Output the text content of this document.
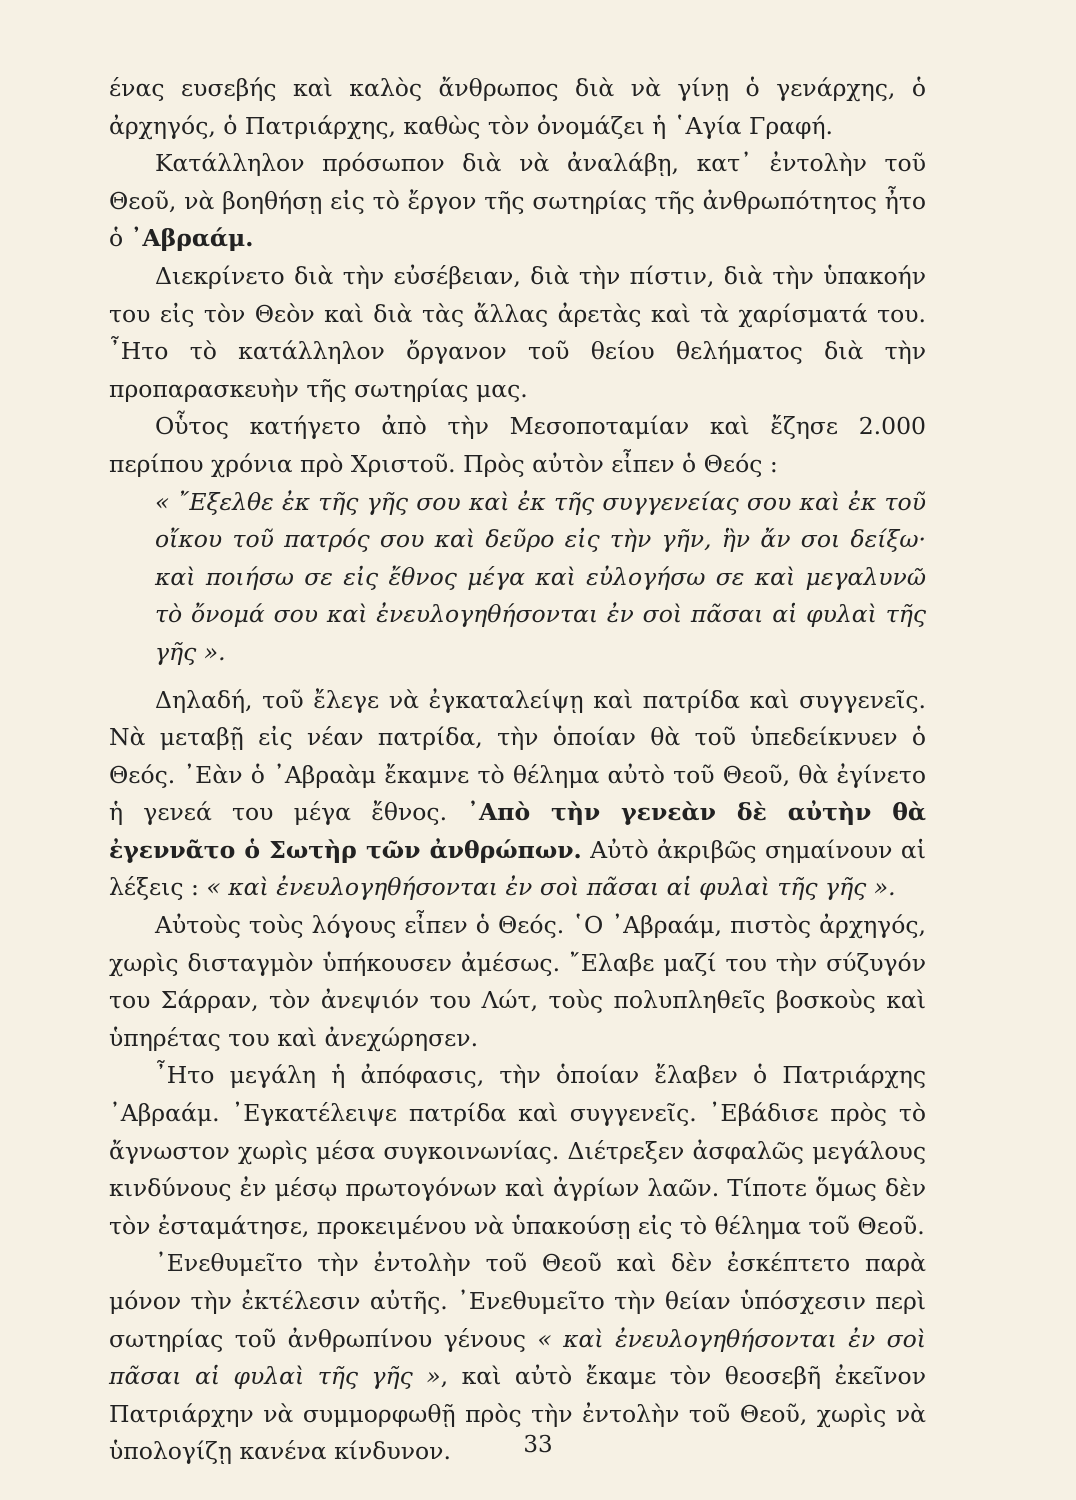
ένας ευσεβής καὶ καλὸς ἄνθρωπος διὰ νὰ γίνῃ ὁ γενάρχης, ὁ ἀρχηγός, ὁ Πατριάρχης, καθὼς τὸν ὀνομάζει ἡ ῾Αγία Γραφή.

Κατάλληλον πρόσωπον διὰ νὰ ἀναλάβῃ, κατ᾽ ἐντολὴν τοῦ Θεοῦ, νὰ βοηθήσῃ εἰς τὸ ἔργον τῆς σωτηρίας τῆς ἀνθρωπότητος ἦτο ὁ ᾽Αβραάμ.

Διεκρίνετο διὰ τὴν εὐσέβειαν, διὰ τὴν πίστιν, διὰ τὴν ὑπακοήν του εἰς τὸν Θεὸν καὶ διὰ τὰς ἄλλας ἀρετὰς καὶ τὰ χαρίσματά του. ῏Ητο τὸ κατάλληλον ὄργανον τοῦ θείου θελήματος διὰ τὴν προπαρασκευὴν τῆς σωτηρίας μας.

Οὗτος κατήγετο ἀπὸ τὴν Μεσοποταμίαν καὶ ἔζησε 2.000 περίπου χρόνια πρὸ Χριστοῦ. Πρὸς αὐτὸν εἶπεν ὁ Θεός :

« ῎Εξελθε ἐκ τῆς γῆς σου καὶ ἐκ τῆς συγγενείας σου καὶ ἐκ τοῦ οἴκου τοῦ πατρός σου καὶ δεῦρο εἰς τὴν γῆν, ἣν ἄν σοι δείξω· καὶ ποιήσω σε εἰς ἔθνος μέγα καὶ εὐλογήσω σε καὶ μεγαλυνῶ τὸ ὄνομά σου καὶ ἐνευλογηθήσονται ἐν σοὶ πᾶσαι αἱ φυλαὶ τῆς γῆς ».

Δηλαδή, τοῦ ἔλεγε νὰ ἐγκαταλείψῃ καὶ πατρίδα καὶ συγγενεῖς. Νὰ μεταβῇ εἰς νέαν πατρίδα, τὴν ὁποίαν θὰ τοῦ ὑπεδείκνυεν ὁ Θεός. ᾽Εὰν ὁ ᾽Αβραὰμ ἔκαμνε τὸ θέλημα αὐτὸ τοῦ Θεοῦ, θὰ ἐγίνετο ἡ γενεά του μέγα ἔθνος. ᾽Απὸ τὴν γενεὰν δὲ αὐτὴν θὰ ἐγεννᾶτο ὁ Σωτὴρ τῶν ἀνθρώπων. Αὐτὸ ἀκριβῶς σημαίνουν αἱ λέξεις : « καὶ ἐνευλογηθήσονται ἐν σοὶ πᾶσαι αἱ φυλαὶ τῆς γῆς ».

Αὐτοὺς τοὺς λόγους εἶπεν ὁ Θεός. ῾Ο ᾽Αβραάμ, πιστὸς ἀρχηγός, χωρὶς δισταγμὸν ὑπήκουσεν ἀμέσως. ῎Ελαβε μαζί του τὴν σύζυγόν του Σάρραν, τὸν ἀνεψιόν του Λώτ, τοὺς πολυπληθεῖς βοσκοὺς καὶ ὑπηρέτας του καὶ ἀνεχώρησεν.

῏Ητο μεγάλη ἡ ἀπόφασις, τὴν ὁποίαν ἔλαβεν ὁ Πατριάρχης ᾽Αβραάμ. ᾽Εγκατέλειψε πατρίδα καὶ συγγενεῖς. ᾽Εβάδισε πρὸς τὸ ἄγνωστον χωρὶς μέσα συγκοινωνίας. Διέτρεξεν ἀσφαλῶς μεγάλους κινδύνους ἐν μέσῳ πρωτογόνων καὶ ἀγρίων λαῶν. Τίποτε ὅμως δὲν τὸν ἐσταμάτησε, προκειμένου νὰ ὑπακούσῃ εἰς τὸ θέλημα τοῦ Θεοῦ.

᾽Ενεθυμεῖτο τὴν ἐντολὴν τοῦ Θεοῦ καὶ δὲν ἐσκέπτετο παρὰ μόνον τὴν ἐκτέλεσιν αὐτῆς. ᾽Ενεθυμεῖτο τὴν θείαν ὑπόσχεσιν περὶ σωτηρίας τοῦ ἀνθρωπίνου γένους « καὶ ἐνευλογηθήσονται ἐν σοὶ πᾶσαι αἱ φυλαὶ τῆς γῆς », καὶ αὐτὸ ἔκαμε τὸν θεοσεβῆ ἐκεῖνον Πατριάρχην νὰ συμμορφωθῇ πρὸς τὴν ἐντολὴν τοῦ Θεοῦ, χωρὶς νὰ ὑπολογίζῃ κανένα κίνδυνον.	33
